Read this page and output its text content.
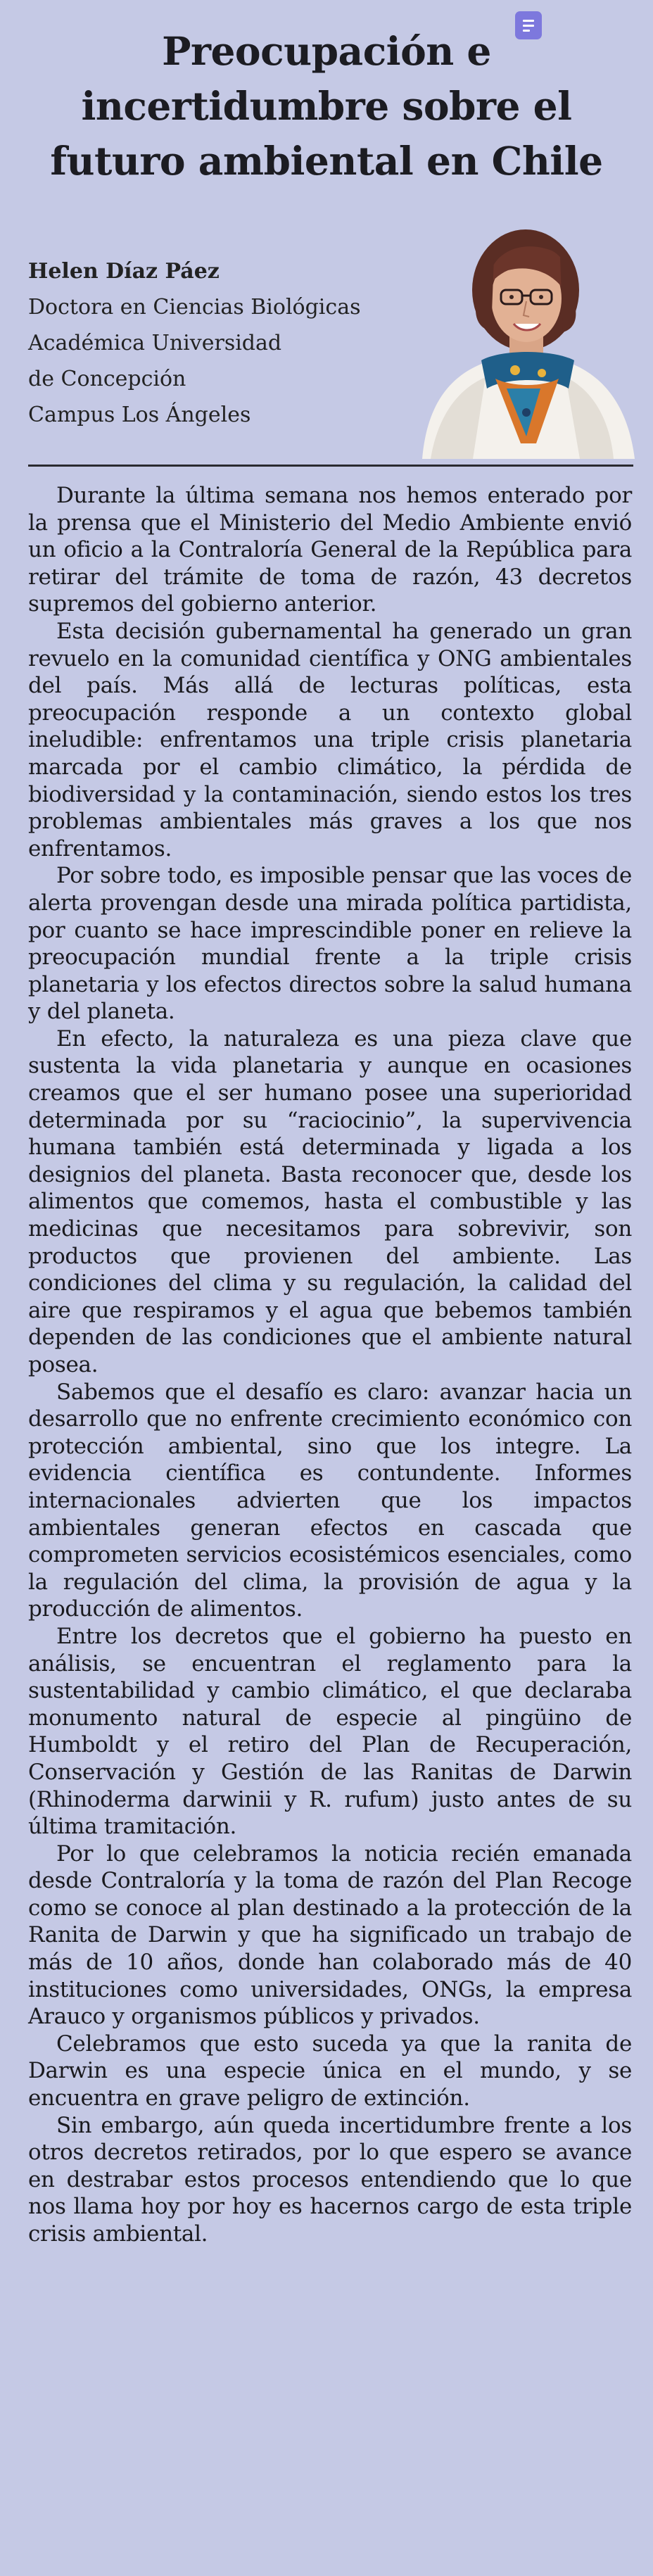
Preocupación e incertidumbre sobre el futuro ambiental en Chile
Helen Díaz Páez
Doctora en Ciencias Biológicas
Académica Universidad
de Concepción
Campus Los Ángeles

Durante la última semana nos hemos enterado por la prensa que el Ministerio del Medio Ambiente envió un oficio a la Contraloría General de la República para retirar del trámite de toma de razón, 43 decretos supremos del gobierno anterior.

Esta decisión gubernamental ha generado un gran revuelo en la comunidad científica y ONG ambientales del país. Más allá de lecturas políticas, esta preocupación responde a un contexto global ineludible: enfrentamos una triple crisis planetaria marcada por el cambio climático, la pérdida de biodiversidad y la contaminación, siendo estos los tres problemas ambientales más graves a los que nos enfrentamos.

Por sobre todo, es imposible pensar que las voces de alerta provengan desde una mirada política partidista, por cuanto se hace imprescindible poner en relieve la preocupación mundial frente a la triple crisis planetaria y los efectos directos sobre la salud humana y del planeta.

En efecto, la naturaleza es una pieza clave que sustenta la vida planetaria y aunque en ocasiones creamos que el ser humano posee una superioridad determinada por su “raciocinio”, la supervivencia humana también está determinada y ligada a los designios del planeta. Basta reconocer que, desde los alimentos que comemos, hasta el combustible y las medicinas que necesitamos para sobrevivir, son productos que provienen del ambiente. Las condiciones del clima y su regulación, la calidad del aire que respiramos y el agua que bebemos también dependen de las condiciones que el ambiente natural posea.

Sabemos que el desafío es claro: avanzar hacia un desarrollo que no enfrente crecimiento económico con protección ambiental, sino que los integre. La evidencia científica es contundente. Informes internacionales advierten que los impactos ambientales generan efectos en cascada que comprometen servicios ecosistémicos esenciales, como la regulación del clima, la provisión de agua y la producción de alimentos.

Entre los decretos que el gobierno ha puesto en análisis, se encuentran el reglamento para la sustentabilidad y cambio climático, el que declaraba monumento natural de especie al pingüino de Humboldt y el retiro del Plan de Recuperación, Conservación y Gestión de las Ranitas de Darwin (Rhinoderma darwinii y R. rufum) justo antes de su última tramitación.

Por lo que celebramos la noticia recién emanada desde Contraloría y la toma de razón del Plan Recoge como se conoce al plan destinado a la protección de la Ranita de Darwin y que ha significado un trabajo de más de 10 años, donde han colaborado más de 40 instituciones como universidades, ONGs, la empresa Arauco y organismos públicos y privados.

Celebramos que esto suceda ya que la ranita de Darwin es una especie única en el mundo, y se encuentra en grave peligro de extinción.

Sin embargo, aún queda incertidumbre frente a los otros decretos retirados, por lo que espero se avance en destrabar estos procesos entendiendo que lo que nos llama hoy por hoy es hacernos cargo de esta triple crisis ambiental.
